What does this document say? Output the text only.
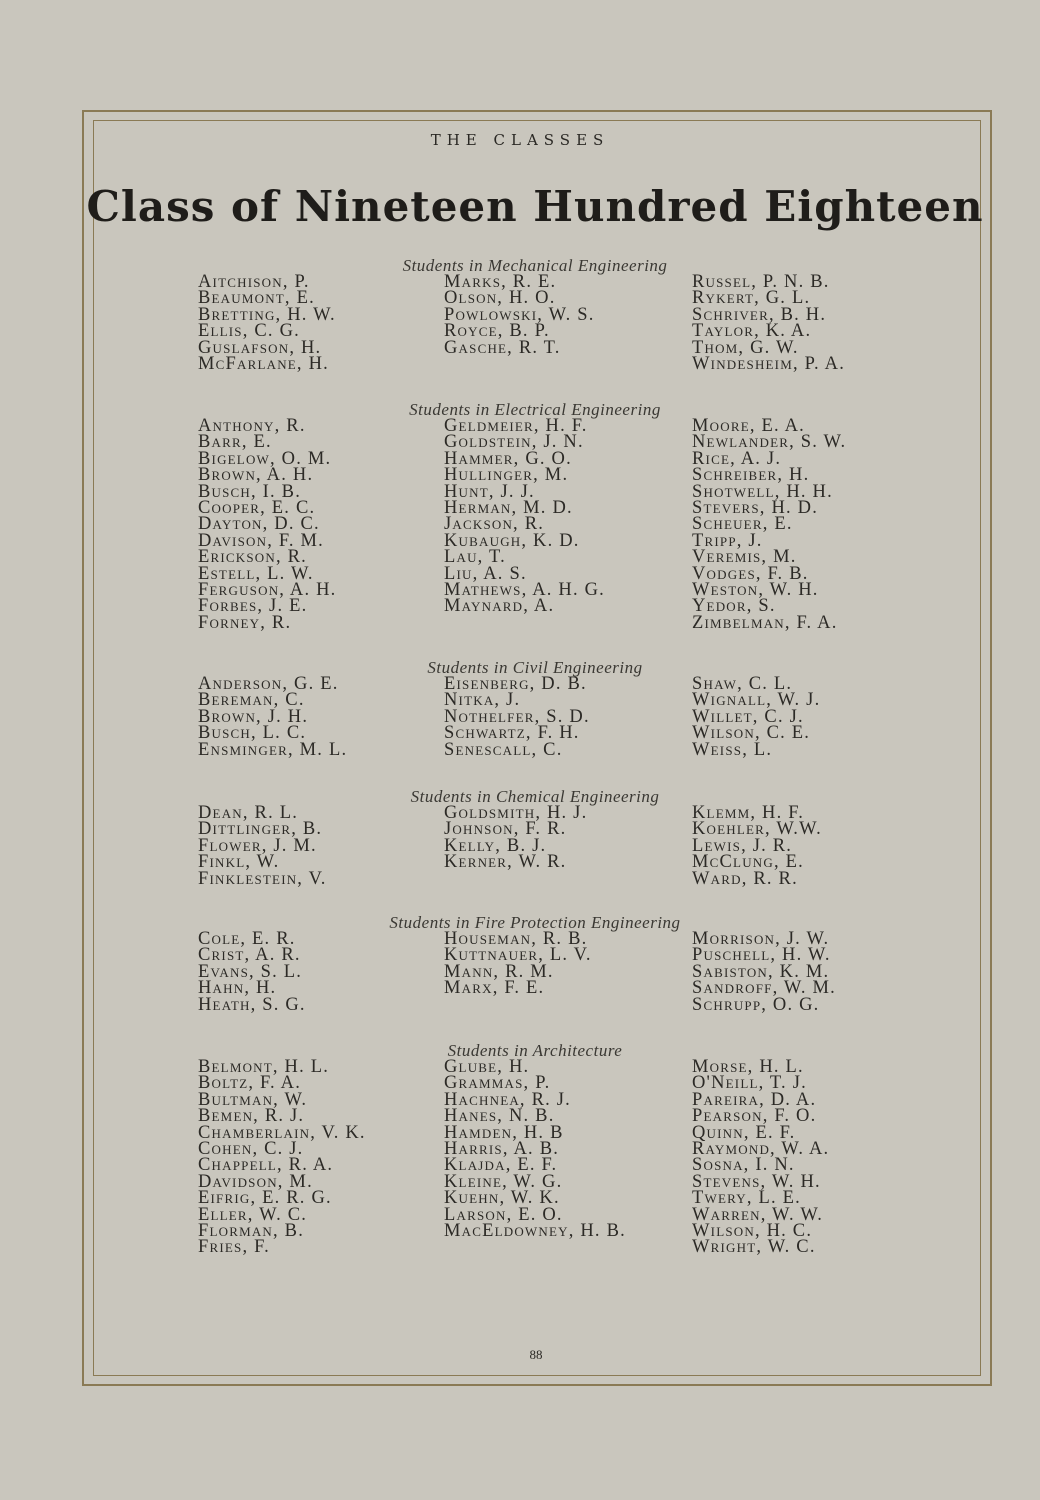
THE CLASSES
Class of Nineteen Hundred Eighteen
Students in Mechanical Engineering
Aitchison, P.
Beaumont, E.
Bretting, H. W.
Ellis, C. G.
Guslafson, H.
McFarlane, H.
Marks, R. E.
Olson, H. O.
Powlowski, W. S.
Royce, B. P.
Gasche, R. T.
Russel, P. N. B.
Rykert, G. L.
Schriver, B. H.
Taylor, K. A.
Thom, G. W.
Windesheim, P. A.
Students in Electrical Engineering
Anthony, R.
Barr, E.
Bigelow, O. M.
Brown, A. H.
Busch, I. B.
Cooper, E. C.
Dayton, D. C.
Davison, F. M.
Erickson, R.
Estell, L. W.
Ferguson, A. H.
Forbes, J. E.
Forney, R.
Geldmeier, H. F.
Goldstein, J. N.
Hammer, G. O.
Hullinger, M.
Hunt, J. J.
Herman, M. D.
Jackson, R.
Kubaugh, K. D.
Lau, T.
Liu, A. S.
Mathews, A. H. G.
Maynard, A.
Moore, E. A.
Newlander, S. W.
Rice, A. J.
Schreiber, H.
Shotwell, H. H.
Stevers, H. D.
Scheuer, E.
Tripp, J.
Veremis, M.
Vodges, F. B.
Weston, W. H.
Yedor, S.
Zimbelman, F. A.
Students in Civil Engineering
Anderson, G. E.
Bereman, C.
Brown, J. H.
Busch, L. C.
Ensminger, M. L.
Eisenberg, D. B.
Nitka, J.
Nothelfer, S. D.
Schwartz, F. H.
Senescall, C.
Shaw, C. L.
Wignall, W. J.
Willet, C. J.
Wilson, C. E.
Weiss, L.
Students in Chemical Engineering
Dean, R. L.
Dittlinger, B.
Flower, J. M.
Finkl, W.
Finklestein, V.
Goldsmith, H. J.
Johnson, F. R.
Kelly, B. J.
Kerner, W. R.
Klemm, H. F.
Koehler, W.W.
Lewis, J. R.
McClung, E.
Ward, R. R.
Students in Fire Protection Engineering
Cole, E. R.
Crist, A. R.
Evans, S. L.
Hahn, H.
Heath, S. G.
Houseman, R. B.
Kuttnauer, L. V.
Mann, R. M.
Marx, F. E.
Morrison, J. W.
Puschell, H. W.
Sabiston, K. M.
Sandroff, W. M.
Schrupp, O. G.
Students in Architecture
Belmont, H. L.
Boltz, F. A.
Bultman, W.
Bemen, R. J.
Chamberlain, V. K.
Cohen, C. J.
Chappell, R. A.
Davidson, M.
Eifrig, E. R. G.
Eller, W. C.
Florman, B.
Fries, F.
Glube, H.
Grammas, P.
Hachnea, R. J.
Hanes, N. B.
Hamden, H. B
Harris, A. B.
Klajda, E. F.
Kleine, W. G.
Kuehn, W. K.
Larson, E. O.
MacEldowney, H. B.
Morse, H. L.
O'Neill, T. J.
Pareira, D. A.
Pearson, F. O.
Quinn, E. F.
Raymond, W. A.
Sosna, I. N.
Stevens, W. H.
Twery, L. E.
Warren, W. W.
Wilson, H. C.
Wright, W. C.
88
